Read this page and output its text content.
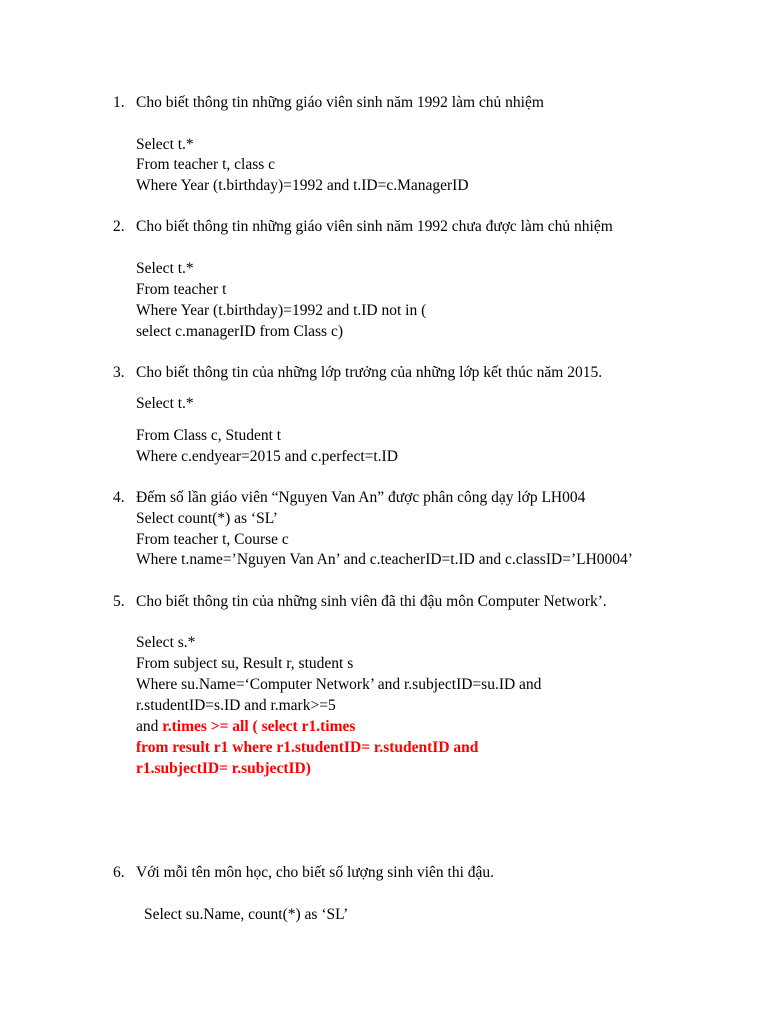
1. Cho biết thông tin những giáo viên sinh năm 1992 làm chủ nhiệm
Select t.*
From teacher t, class c
Where Year (t.birthday)=1992 and t.ID=c.ManagerID
2. Cho biết thông tin những giáo viên sinh năm 1992 chưa được làm chủ nhiệm
Select t.*
From teacher t
Where Year (t.birthday)=1992 and t.ID not in (
select c.managerID from Class c)
3. Cho biết thông tin của những lớp trưởng của những lớp kết thúc năm 2015.
Select t.*
From Class c, Student t
Where c.endyear=2015 and c.perfect=t.ID
4. Đếm số lần giáo viên “Nguyen Van An” được phân công dạy lớp LH004
Select count(*) as ‘SL’
From teacher t, Course c
Where t.name=’Nguyen Van An’ and c.teacherID=t.ID and c.classID=’LH0004’
5. Cho biết thông tin của những sinh viên đã thi đậu môn Computer Network’.
Select s.*
From subject su, Result r, student s
Where su.Name=‘Computer Network’ and r.subjectID=su.ID and
r.studentID=s.ID and r.mark>=5
and r.times >= all ( select r1.times
from result r1 where r1.studentID= r.studentID and
r1.subjectID= r.subjectID)
6. Với mỗi tên môn học, cho biết số lượng sinh viên thi đậu.
Select su.Name, count(*) as ‘SL’
